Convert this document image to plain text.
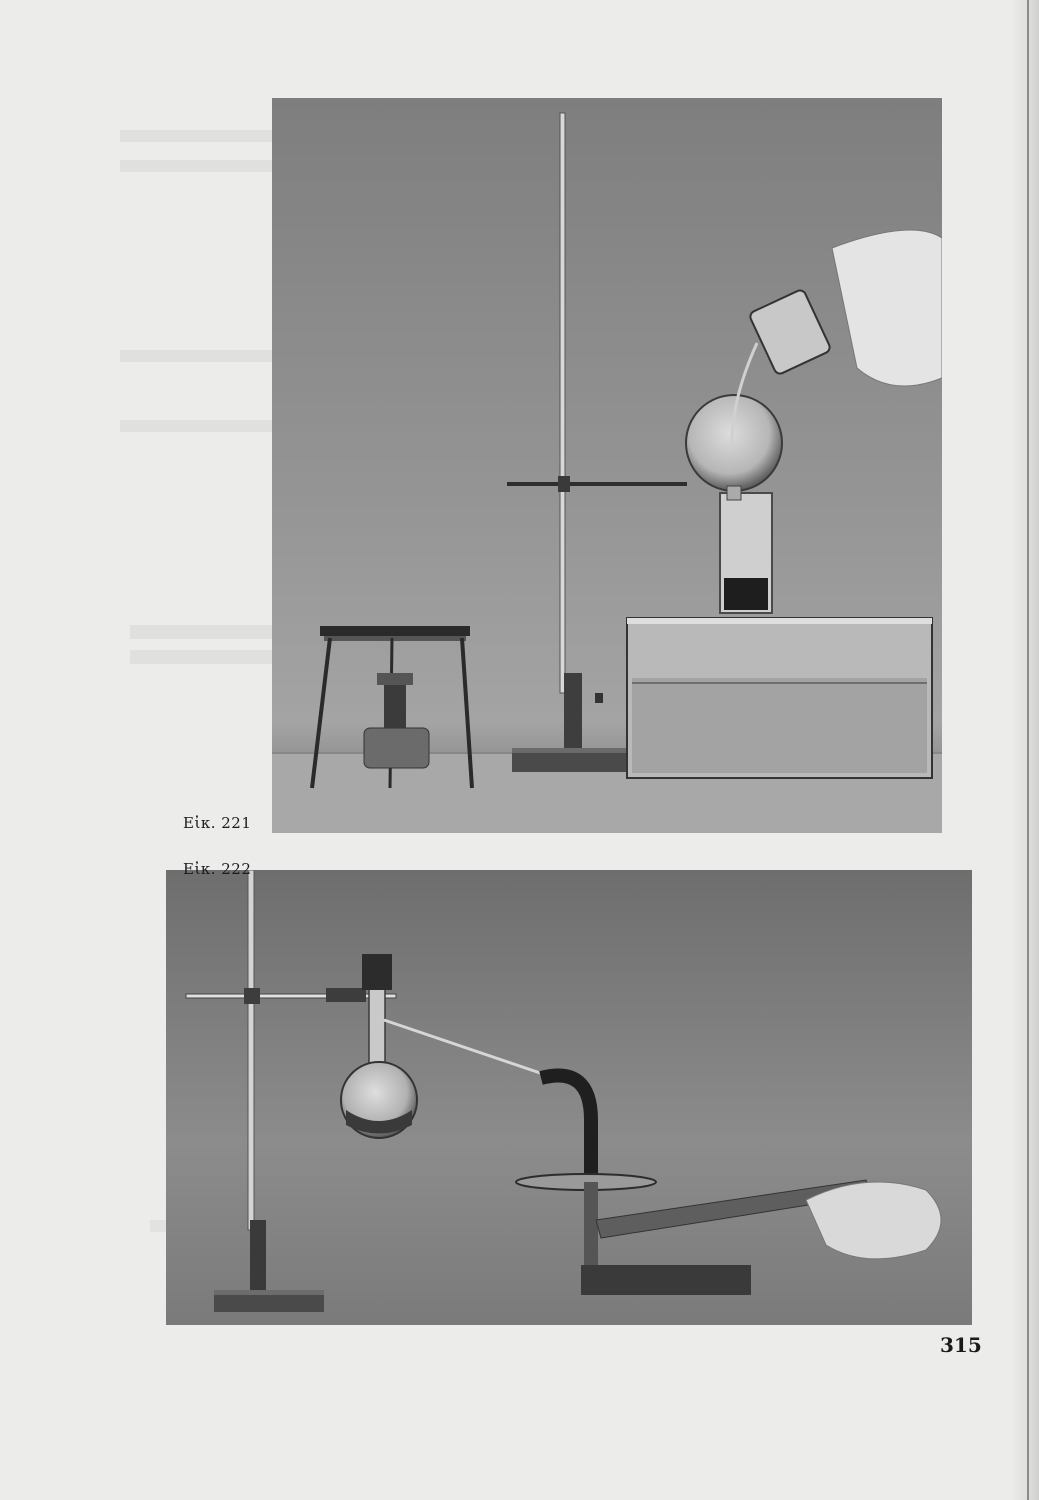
Εἰκ. 221
Εἰκ. 222
315
